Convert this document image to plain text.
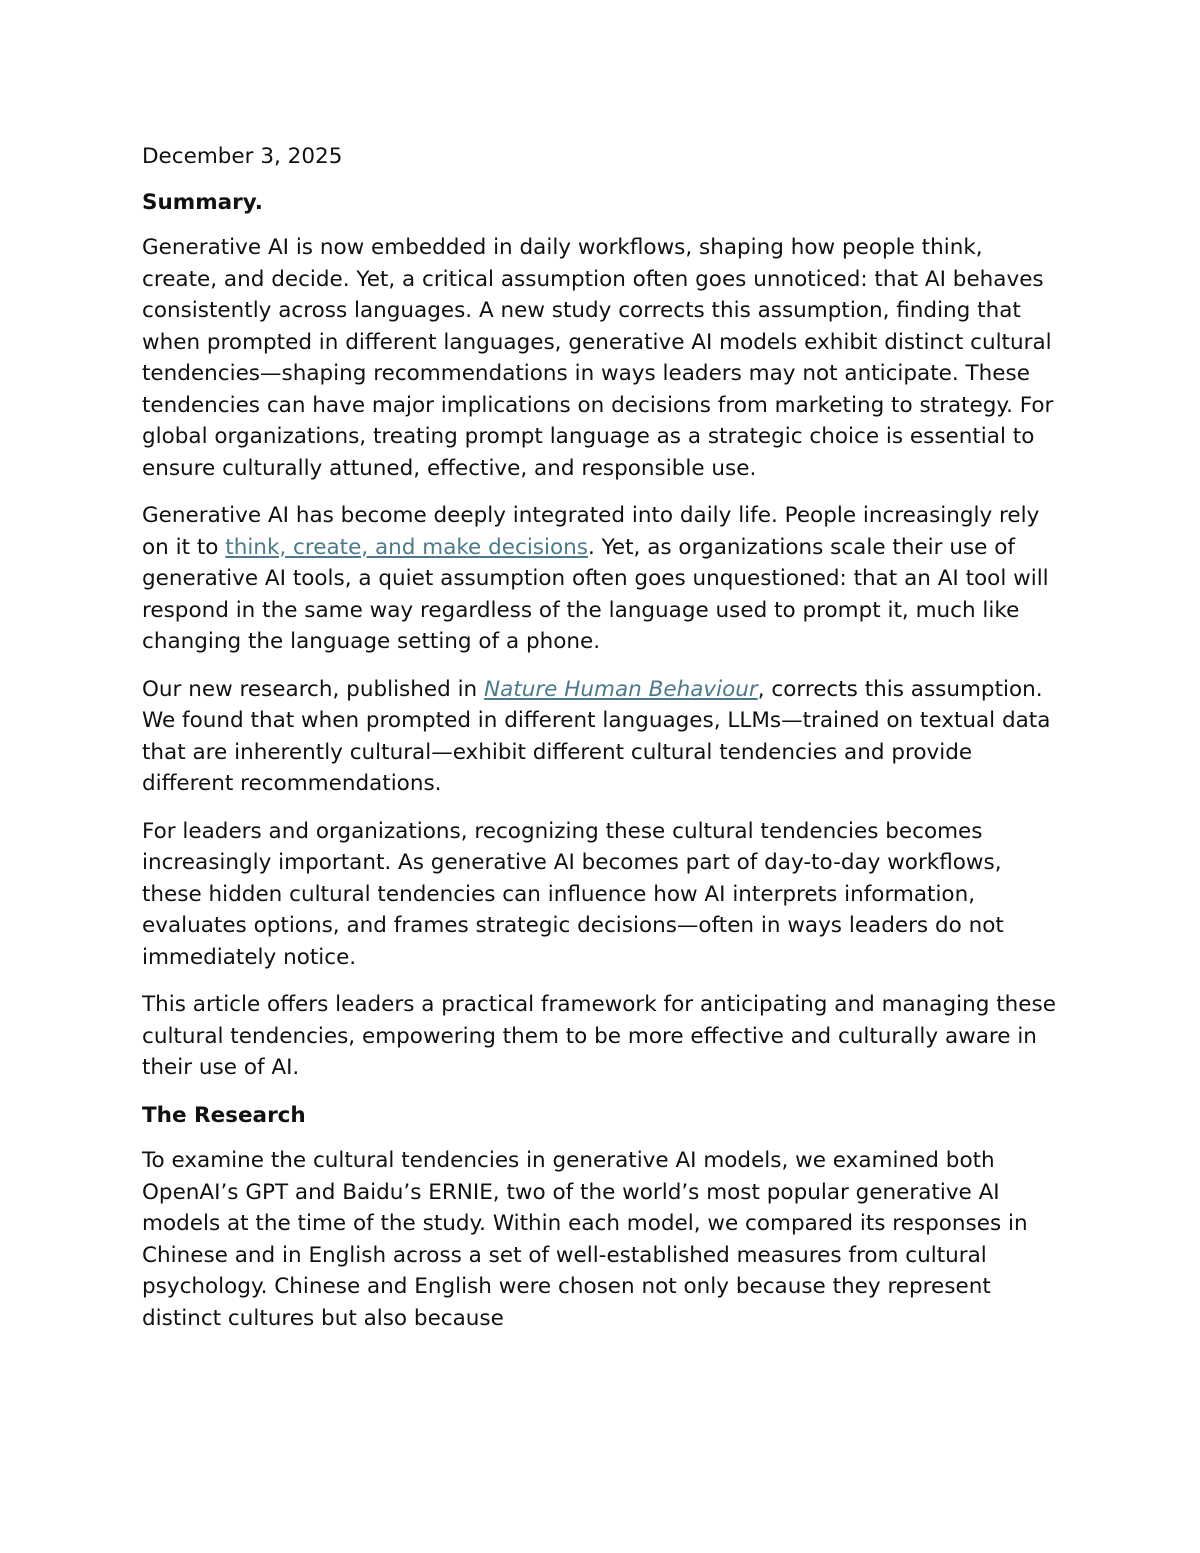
December 3, 2025
Summary.

Generative AI is now embedded in daily workflows, shaping how people think, create, and decide. Yet, a critical assumption often goes unnoticed: that AI behaves consistently across languages. A new study corrects this assumption, finding that when prompted in different languages, generative AI models exhibit distinct cultural tendencies—shaping recommendations in ways leaders may not anticipate. These tendencies can have major implications on decisions from marketing to strategy. For global organizations, treating prompt language as a strategic choice is essential to ensure culturally attuned, effective, and responsible use.

Generative AI has become deeply integrated into daily life. People increasingly rely on it to think, create, and make decisions. Yet, as organizations scale their use of generative AI tools, a quiet assumption often goes unquestioned: that an AI tool will respond in the same way regardless of the language used to prompt it, much like changing the language setting of a phone.

Our new research, published in Nature Human Behaviour, corrects this assumption. We found that when prompted in different languages, LLMs—trained on textual data that are inherently cultural—exhibit different cultural tendencies and provide different recommendations.

For leaders and organizations, recognizing these cultural tendencies becomes increasingly important. As generative AI becomes part of day-to-day workflows, these hidden cultural tendencies can influence how AI interprets information, evaluates options, and frames strategic decisions—often in ways leaders do not immediately notice.

This article offers leaders a practical framework for anticipating and managing these cultural tendencies, empowering them to be more effective and culturally aware in their use of AI.

The Research

To examine the cultural tendencies in generative AI models, we examined both OpenAI’s GPT and Baidu’s ERNIE, two of the world’s most popular generative AI models at the time of the study. Within each model, we compared its responses in Chinese and in English across a set of well-established measures from cultural psychology. Chinese and English were chosen not only because they represent distinct cultures but also because
